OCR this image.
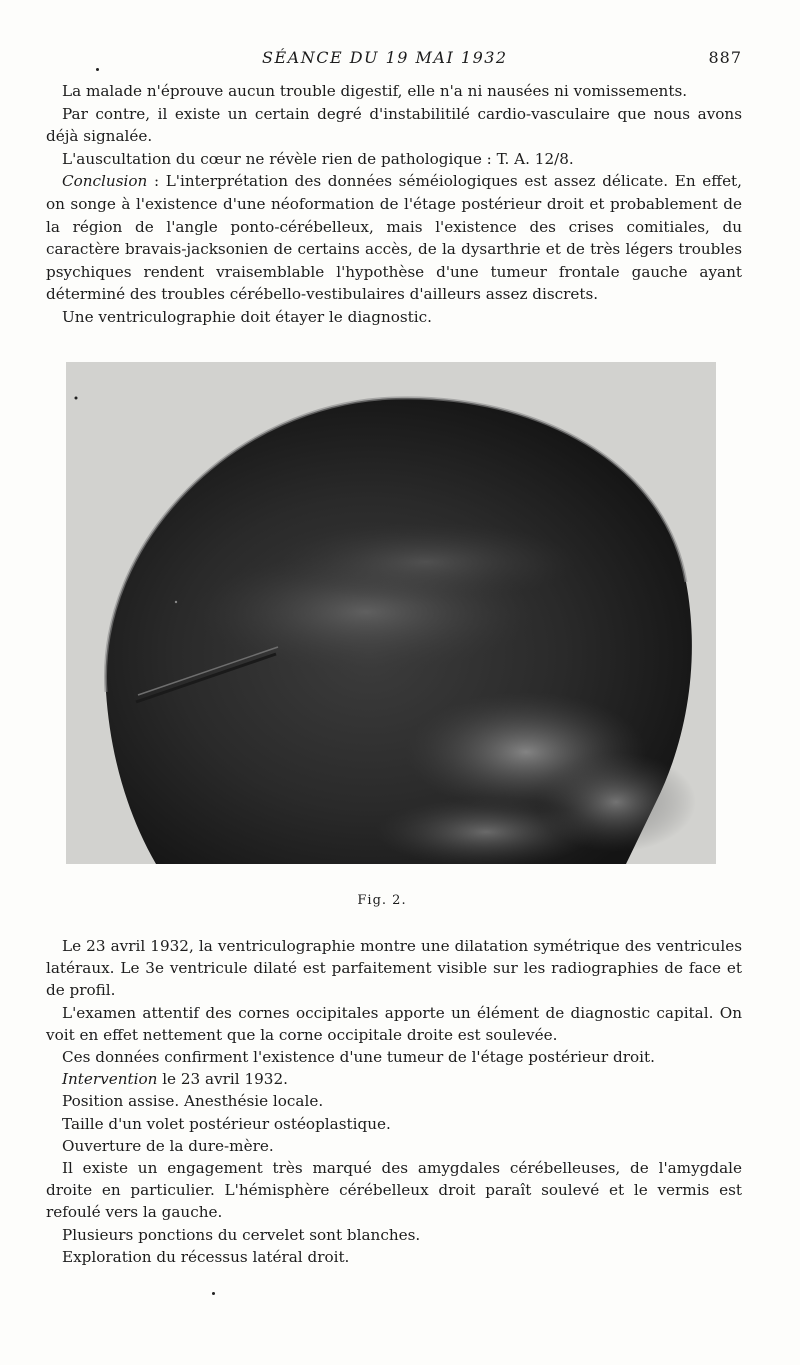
SÉANCE DU 19 MAI 1932	887

La malade n'éprouve aucun trouble digestif, elle n'a ni nausées ni vomissements.

Par contre, il existe un certain degré d'instabilitilé cardio-vasculaire que nous avons déjà signalée.

L'auscultation du cœur ne révèle rien de pathologique : T. A. 12/8.

Conclusion : L'interprétation des données séméiologiques est assez délicate. En effet, on songe à l'existence d'une néoformation de l'étage postérieur droit et probablement de la région de l'angle ponto-cérébelleux, mais l'existence des crises comitiales, du caractère bravais-jacksonien de certains accès, de la dysarthrie et de très légers troubles psychiques rendent vraisemblable l'hypothèse d'une tumeur frontale gauche ayant déterminé des troubles cérébello-vestibulaires d'ailleurs assez discrets.

Une ventriculographie doit étayer le diagnostic.

Fig. 2.

Le 23 avril 1932, la ventriculographie montre une dilatation symétrique des ventricules latéraux. Le 3e ventricule dilaté est parfaitement visible sur les radiographies de face et de profil.

L'examen attentif des cornes occipitales apporte un élément de diagnostic capital. On voit en effet nettement que la corne occipitale droite est soulevée.

Ces données confirment l'existence d'une tumeur de l'étage postérieur droit.

Intervention le 23 avril 1932.

Position assise. Anesthésie locale.

Taille d'un volet postérieur ostéoplastique.

Ouverture de la dure-mère.

Il existe un engagement très marqué des amygdales cérébelleuses, de l'amygdale droite en particulier. L'hémisphère cérébelleux droit paraît soulevé et le vermis est refoulé vers la gauche.

Plusieurs ponctions du cervelet sont blanches.

Exploration du récessus latéral droit.
